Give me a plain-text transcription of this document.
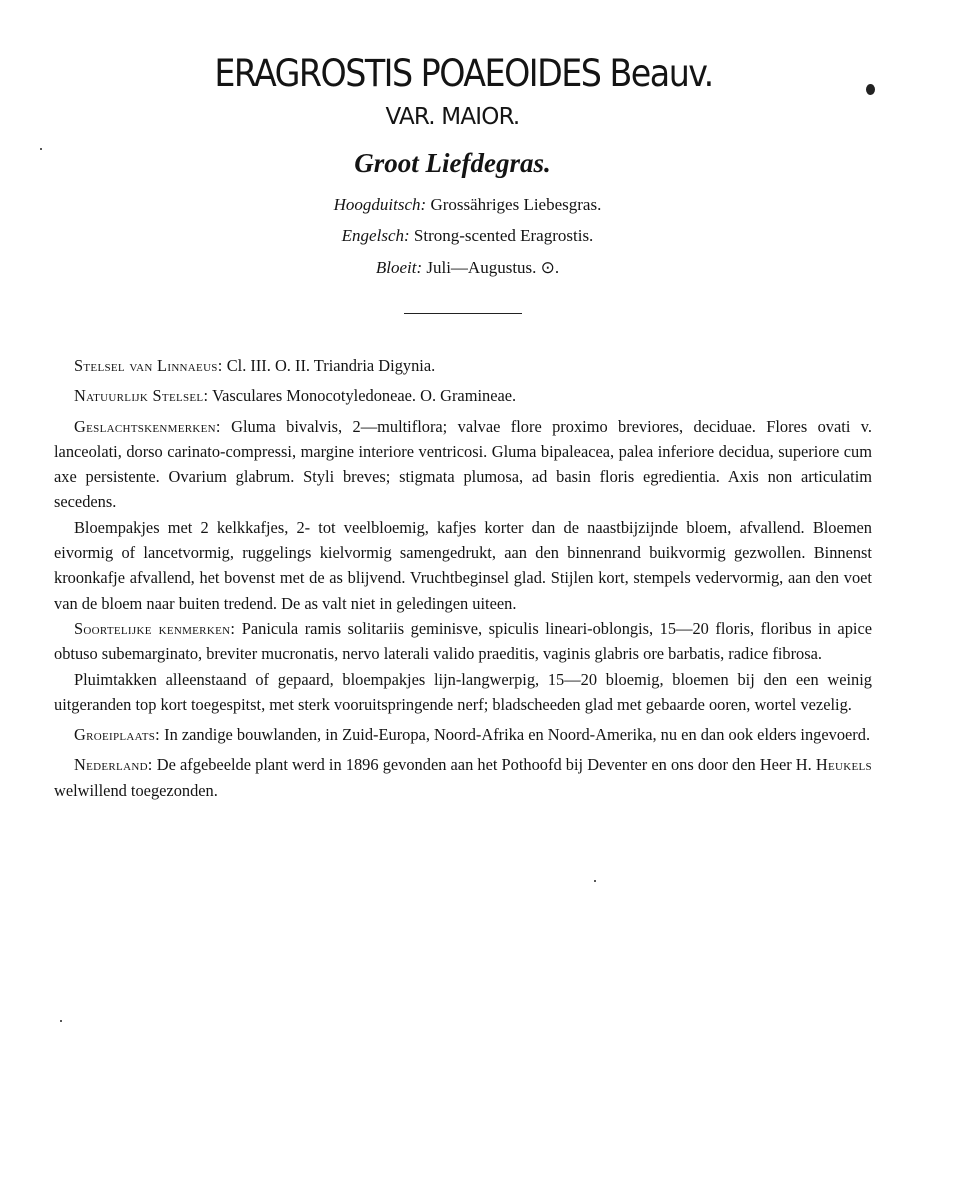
ERAGROSTIS POAEOIDES Beauv.
VAR. MAIOR.
Groot Liefdegras.
Hoogduitsch: Grossähriges Liebesgras.
Engelsch: Strong-scented Eragrostis.
Bloeit: Juli—Augustus. ⊙.

Stelsel van Linnaeus: Cl. III. O. II. Triandria Digynia.

Natuurlijk Stelsel: Vasculares Monocotyledoneae. O. Gramineae.

Geslachtskenmerken: Gluma bivalvis, 2—multiflora; valvae flore proximo breviores, deciduae. Flores ovati v. lanceolati, dorso carinato-compressi, margine interiore ventricosi. Gluma bipaleacea, palea inferiore decidua, superiore cum axe persistente. Ovarium glabrum. Styli breves; stigmata plumosa, ad basin floris egredientia. Axis non articulatim secedens.

Bloempakjes met 2 kelkkafjes, 2- tot veelbloemig, kafjes korter dan de naastbijzijnde bloem, afvallend. Bloemen eivormig of lancetvormig, ruggelings kielvormig samengedrukt, aan den binnenrand buikvormig gezwollen. Binnenst kroonkafje afvallend, het bovenst met de as blijvend. Vruchtbeginsel glad. Stijlen kort, stempels vedervormig, aan den voet van de bloem naar buiten tredend. De as valt niet in geledingen uiteen.

Soortelijke kenmerken: Panicula ramis solitariis geminisve, spiculis lineari-oblongis, 15—20 floris, floribus in apice obtuso subemarginato, breviter mucronatis, nervo laterali valido praeditis, vaginis glabris ore barbatis, radice fibrosa.

Pluimtakken alleenstaand of gepaard, bloempakjes lijn-langwerpig, 15—20 bloemig, bloemen bij den een weinig uitgeranden top kort toegespitst, met sterk vooruitspringende nerf; bladscheeden glad met gebaarde ooren, wortel vezelig.

Groeiplaats: In zandige bouwlanden, in Zuid-Europa, Noord-Afrika en Noord-Amerika, nu en dan ook elders ingevoerd.

Nederland: De afgebeelde plant werd in 1896 gevonden aan het Pothoofd bij Deventer en ons door den Heer H. Heukels welwillend toegezonden.
